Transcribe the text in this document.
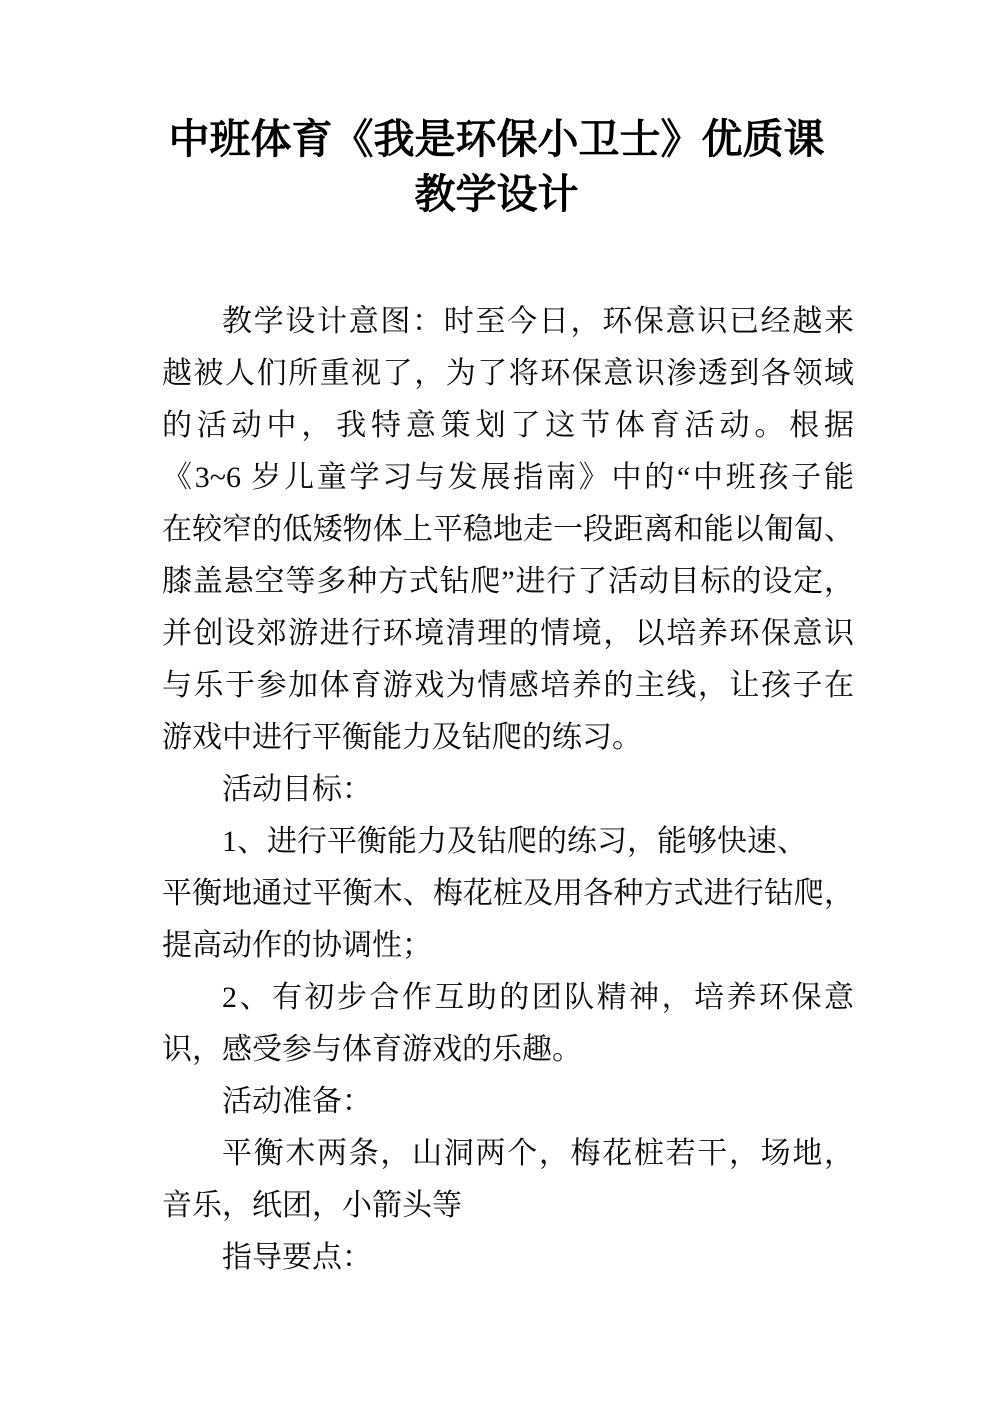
中班体育《我是环保小卫士》优质课
教学设计
教学设计意图：时至今日，环保意识已经越来
越被人们所重视了，为了将环保意识渗透到各领域
的活动中，我特意策划了这节体育活动。根据
《3~6 岁儿童学习与发展指南》中的“中班孩子能
在较窄的低矮物体上平稳地走一段距离和能以匍匐、
膝盖悬空等多种方式钻爬”进行了活动目标的设定，
并创设郊游进行环境清理的情境，以培养环保意识
与乐于参加体育游戏为情感培养的主线，让孩子在
游戏中进行平衡能力及钻爬的练习。
活动目标：
1、进行平衡能力及钻爬的练习，能够快速、
平衡地通过平衡木、梅花桩及用各种方式进行钻爬，
提高动作的协调性；
2、有初步合作互助的团队精神，培养环保意
识，感受参与体育游戏的乐趣。
活动准备：
平衡木两条，山洞两个，梅花桩若干，场地，
音乐，纸团，小箭头等
指导要点：
